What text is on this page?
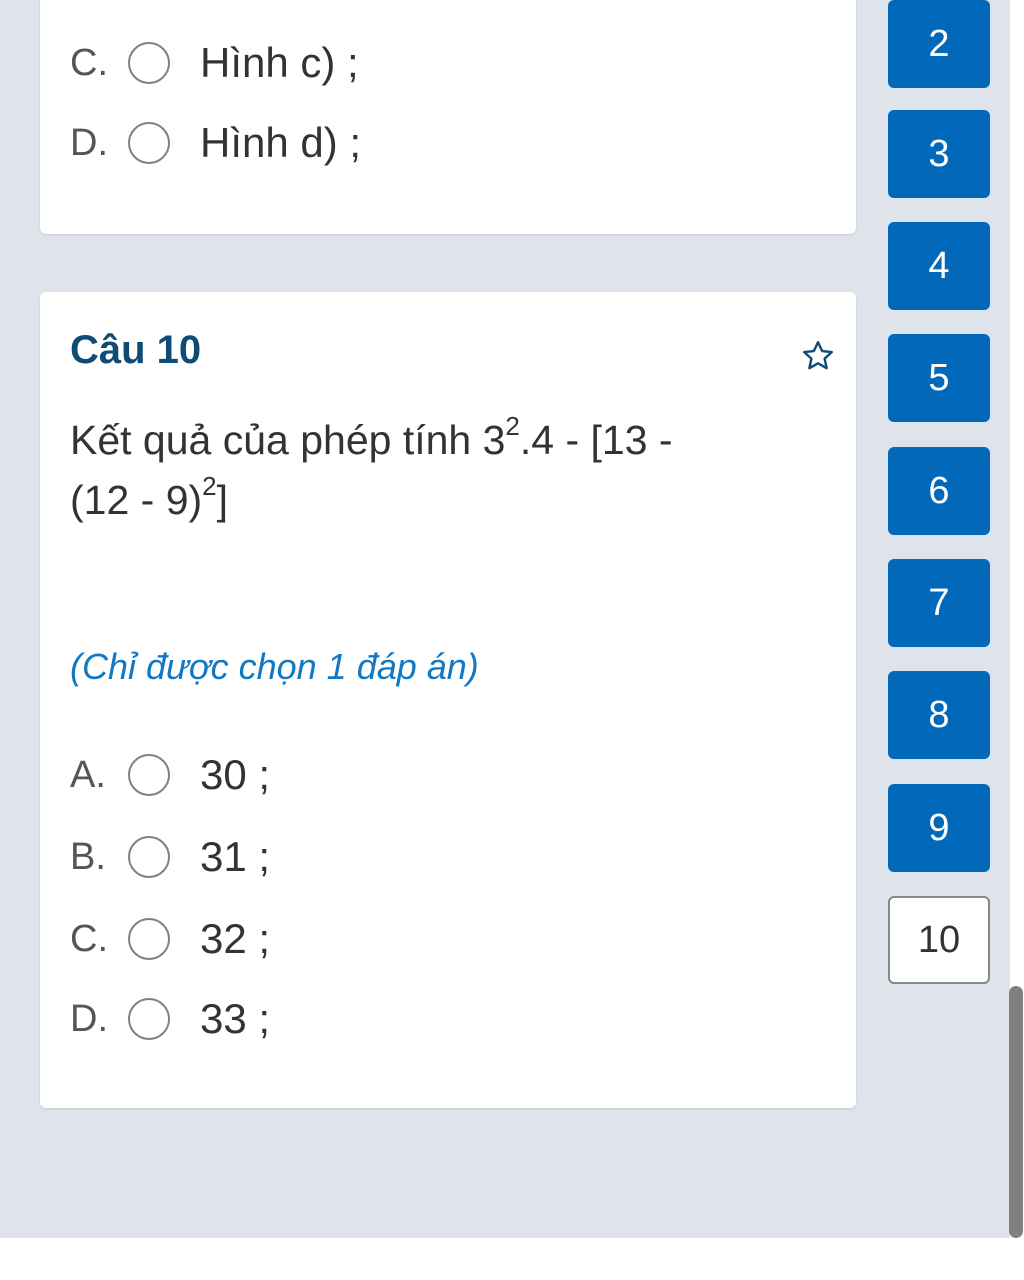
C. Hình c) ;
D. Hình d) ;
Câu 10
Kết quả của phép tính $3^2.4 - [13$ -
(12 - 9)$^2$]
(Chỉ được chọn 1 đáp án)
A. 30 ;
B. 31 ;
C. 32 ;
D. 33 ;
2
3
4
5
6
7
8
9
10
